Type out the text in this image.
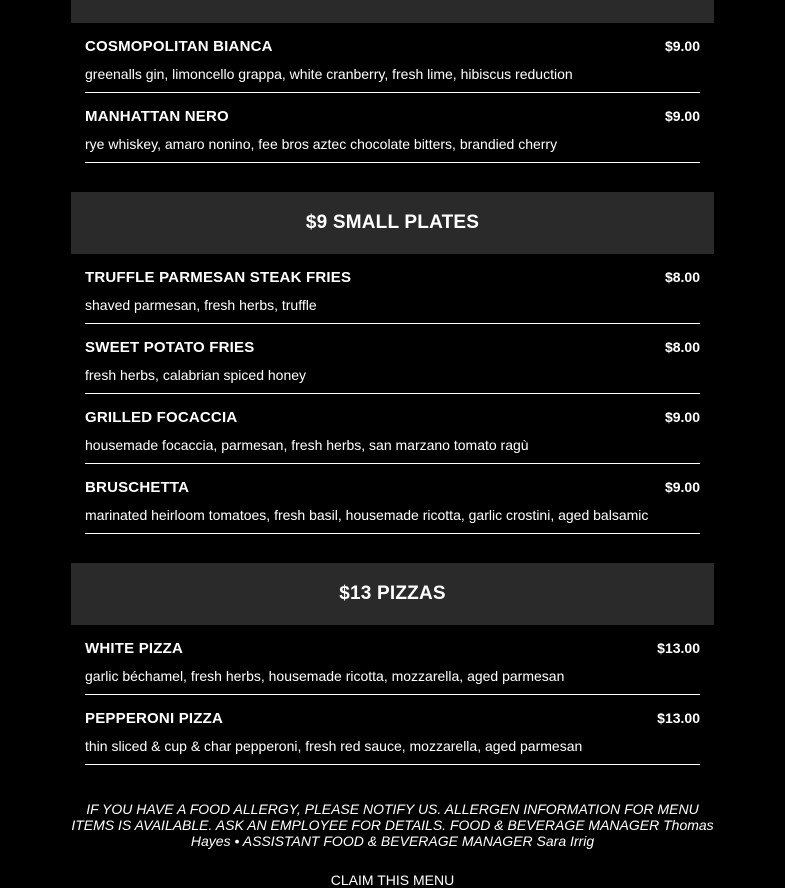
COSMOPOLITAN BIANCA	$9.00
greenalls gin, limoncello grappa, white cranberry, fresh lime, hibiscus reduction
MANHATTAN NERO	$9.00
rye whiskey, amaro nonino, fee bros aztec chocolate bitters, brandied cherry
$9 SMALL PLATES
TRUFFLE PARMESAN STEAK FRIES	$8.00
shaved parmesan, fresh herbs, truffle
SWEET POTATO FRIES	$8.00
fresh herbs, calabrian spiced honey
GRILLED FOCACCIA	$9.00
housemade focaccia, parmesan, fresh herbs, san marzano tomato ragù
BRUSCHETTA	$9.00
marinated heirloom tomatoes, fresh basil, housemade ricotta, garlic crostini, aged balsamic
$13 PIZZAS
WHITE PIZZA	$13.00
garlic béchamel, fresh herbs, housemade ricotta, mozzarella, aged parmesan
PEPPERONI PIZZA	$13.00
thin sliced & cup & char pepperoni, fresh red sauce, mozzarella, aged parmesan
IF YOU HAVE A FOOD ALLERGY, PLEASE NOTIFY US. ALLERGEN INFORMATION FOR MENU ITEMS IS AVAILABLE. ASK AN EMPLOYEE FOR DETAILS. FOOD & BEVERAGE MANAGER Thomas Hayes • ASSISTANT FOOD & BEVERAGE MANAGER Sara Irrig
CLAIM THIS MENU
